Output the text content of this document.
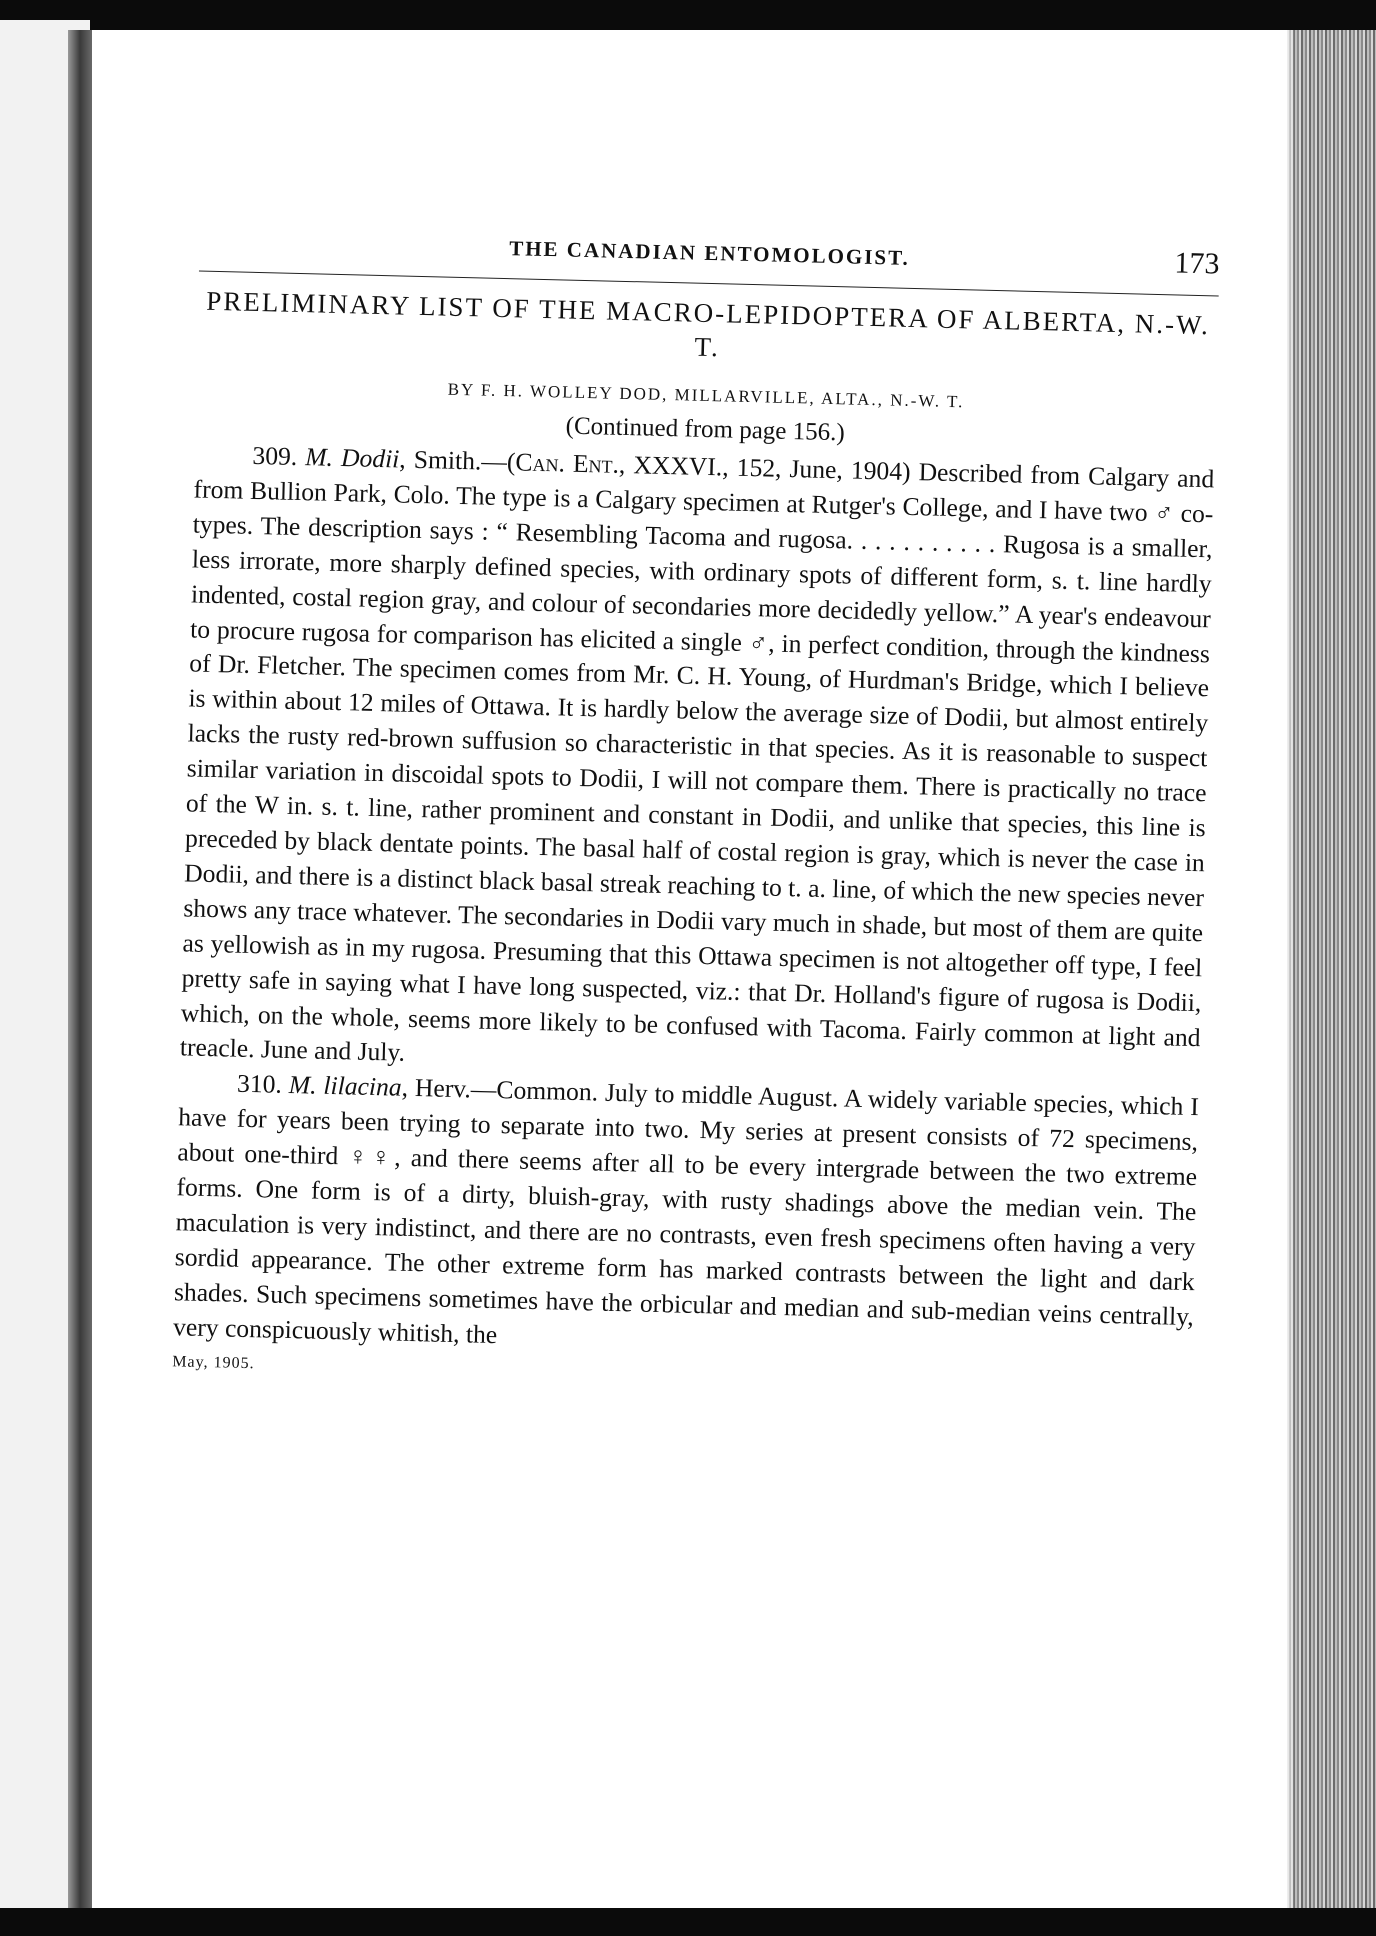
THE CANADIAN ENTOMOLOGIST.	173

PRELIMINARY LIST OF THE MACRO-LEPIDOPTERA OF ALBERTA, N.-W. T.

BY F. H. WOLLEY DOD, MILLARVILLE, ALTA., N.-W. T.
(Continued from page 156.)

309. M. Dodii, Smith.—(Can. Ent., XXXVI., 152, June, 1904) Described from Calgary and from Bullion Park, Colo. The type is a Calgary specimen at Rutger's College, and I have two ♂ co-types. The description says : “ Resembling Tacoma and rugosa. . . . . . . . . . . Rugosa is a smaller, less irrorate, more sharply defined species, with ordinary spots of different form, s. t. line hardly indented, costal region gray, and colour of secondaries more decidedly yellow.” A year's endeavour to procure rugosa for comparison has elicited a single ♂, in perfect condition, through the kindness of Dr. Fletcher. The specimen comes from Mr. C. H. Young, of Hurdman's Bridge, which I believe is within about 12 miles of Ottawa. It is hardly below the average size of Dodii, but almost entirely lacks the rusty red-brown suffusion so characteristic in that species. As it is reasonable to suspect similar variation in discoidal spots to Dodii, I will not compare them. There is practically no trace of the W in. s. t. line, rather prominent and constant in Dodii, and unlike that species, this line is preceded by black dentate points. The basal half of costal region is gray, which is never the case in Dodii, and there is a distinct black basal streak reaching to t. a. line, of which the new species never shows any trace whatever. The secondaries in Dodii vary much in shade, but most of them are quite as yellowish as in my rugosa. Presuming that this Ottawa specimen is not altogether off type, I feel pretty safe in saying what I have long suspected, viz.: that Dr. Holland's figure of rugosa is Dodii, which, on the whole, seems more likely to be confused with Tacoma. Fairly common at light and treacle. June and July.

310. M. lilacina, Herv.—Common. July to middle August. A widely variable species, which I have for years been trying to separate into two. My series at present consists of 72 specimens, about one-third ♀♀, and there seems after all to be every intergrade between the two extreme forms. One form is of a dirty, bluish-gray, with rusty shadings above the median vein. The maculation is very indistinct, and there are no contrasts, even fresh specimens often having a very sordid appearance. The other extreme form has marked contrasts between the light and dark shades. Such specimens sometimes have the orbicular and median and sub-median veins centrally, very conspicuously whitish, the

May, 1905.
